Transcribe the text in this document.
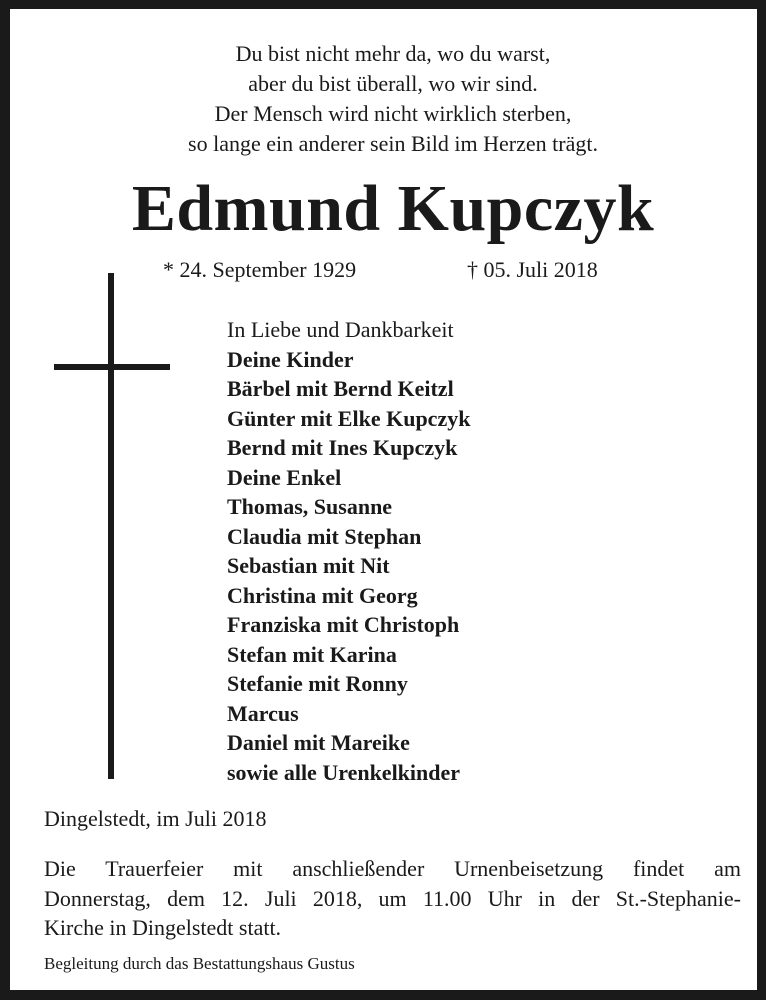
Du bist nicht mehr da, wo du warst,
aber du bist überall, wo wir sind.
Der Mensch wird nicht wirklich sterben,
so lange ein anderer sein Bild im Herzen trägt.
Edmund Kupczyk
* 24. September 1929	† 05. Juli 2018
In Liebe und Dankbarkeit
Deine Kinder
Bärbel mit Bernd Keitzl
Günter mit Elke Kupczyk
Bernd mit Ines Kupczyk
Deine Enkel
Thomas, Susanne
Claudia mit Stephan
Sebastian mit Nit
Christina mit Georg
Franziska mit Christoph
Stefan mit Karina
Stefanie mit Ronny
Marcus
Daniel mit Mareike
sowie alle Urenkelkinder
Dingelstedt, im Juli 2018
Die Trauerfeier mit anschließender Urnenbeisetzung findet am
Donnerstag, dem 12. Juli 2018, um 11.00 Uhr in der St.-Stephanie-
Kirche in Dingelstedt statt.
Begleitung durch das Bestattungshaus Gustus
